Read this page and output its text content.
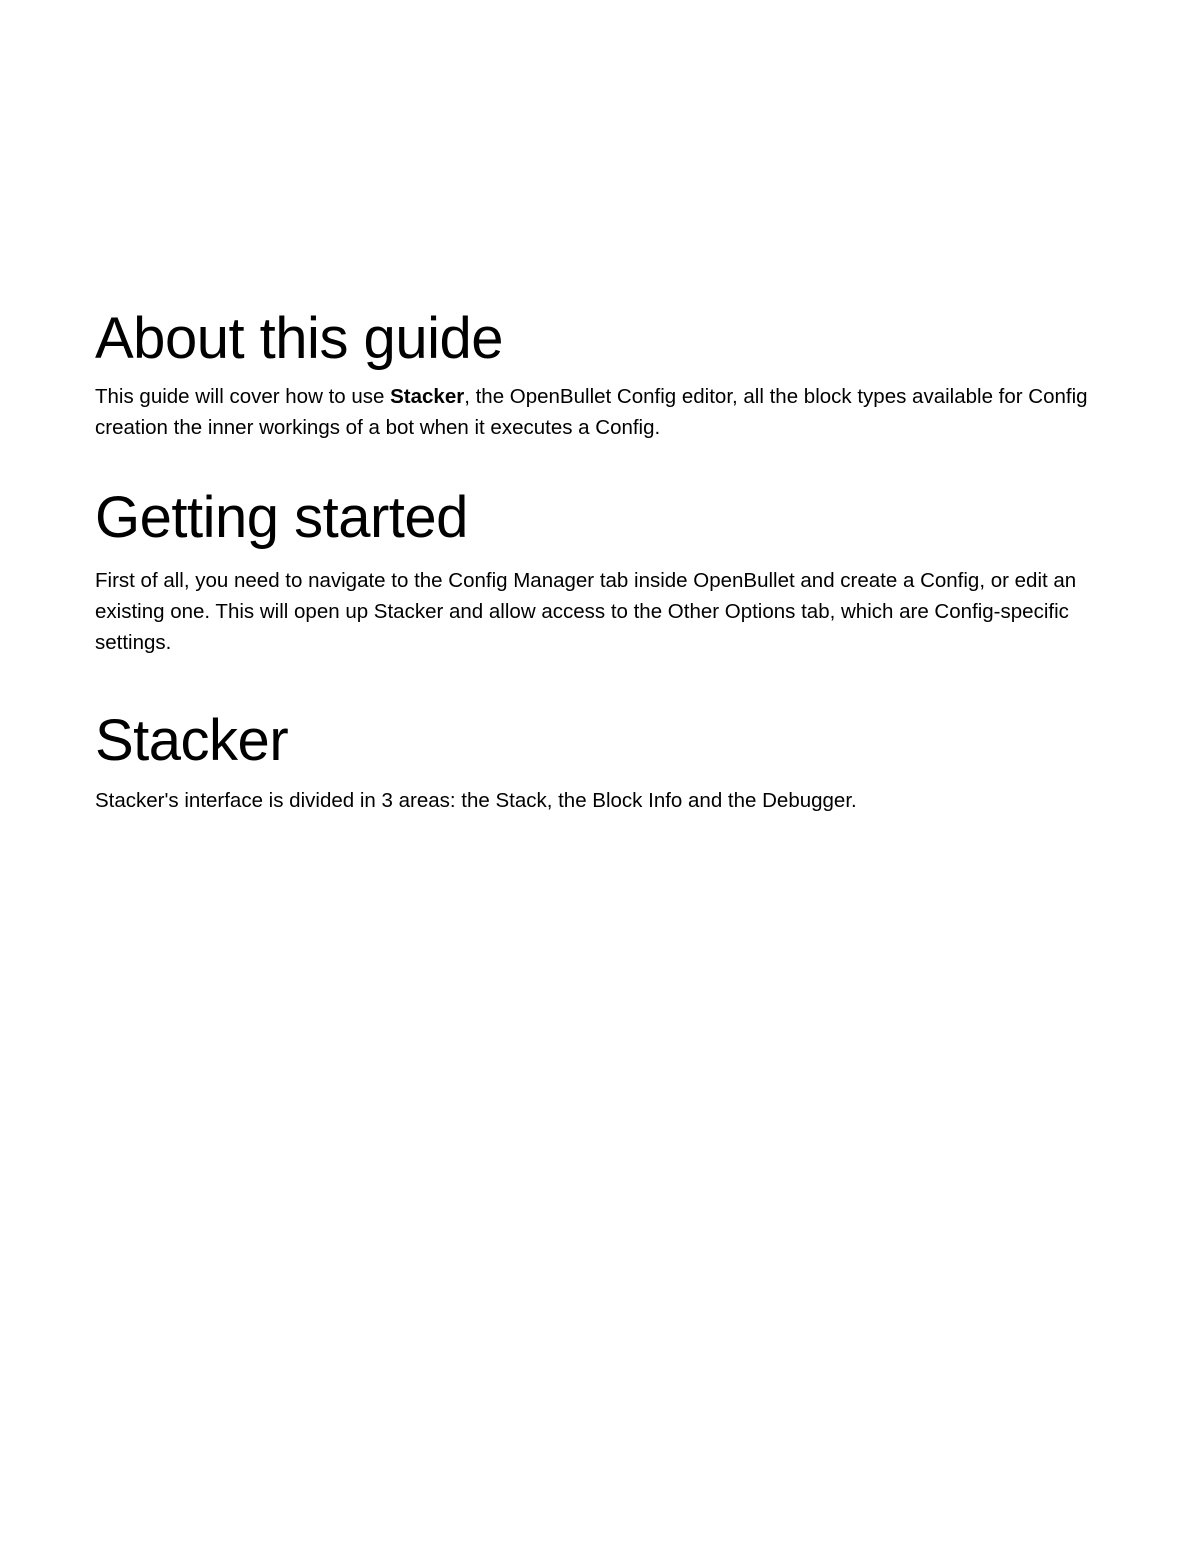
About this guide

This guide will cover how to use Stacker, the OpenBullet Config editor, all the block types available for Config creation the inner workings of a bot when it executes a Config.

Getting started

First of all, you need to navigate to the Config Manager tab inside OpenBullet and create a Config, or edit an existing one. This will open up Stacker and allow access to the Other Options tab, which are Config-specific settings.

Stacker

Stacker's interface is divided in 3 areas: the Stack, the Block Info and the Debugger.
